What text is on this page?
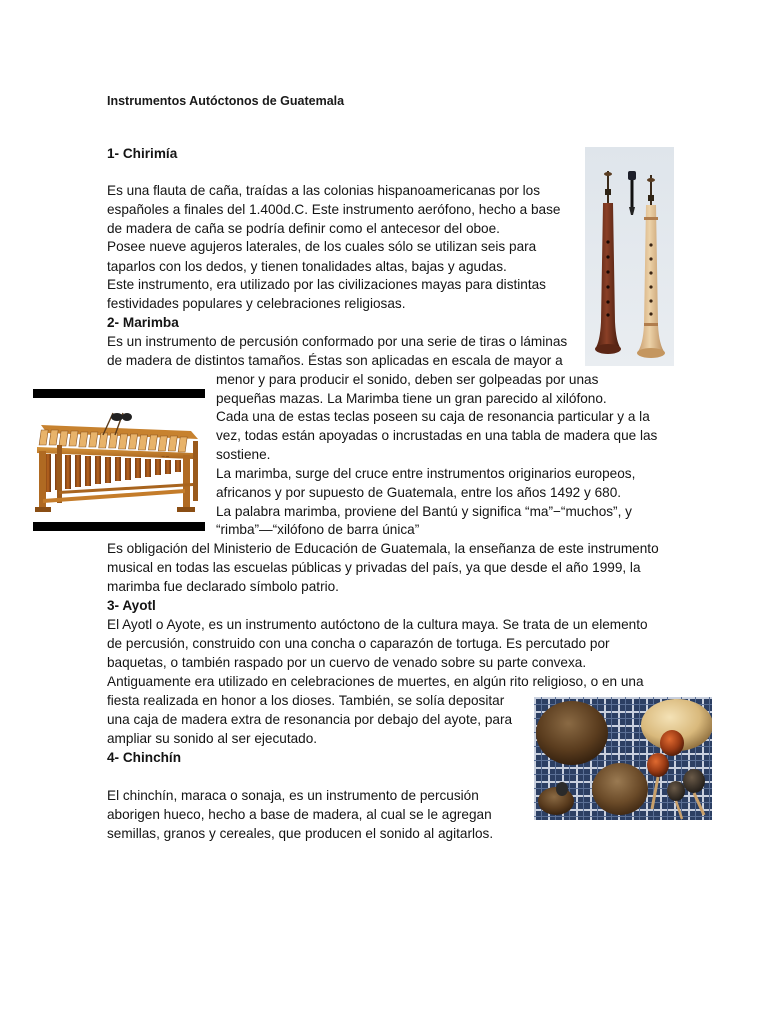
Instrumentos Autóctonos de Guatemala
1- Chirimía
Es una flauta de caña, traídas a las colonias hispanoamericanas por los
españoles a finales del 1.400d.C. Este instrumento aerófono, hecho a base
de madera de caña se podría definir como el antecesor del oboe.
Posee nueve agujeros laterales, de los cuales sólo se utilizan seis para
taparlos con los dedos, y tienen tonalidades altas, bajas y agudas.
Este instrumento, era utilizado por las civilizaciones mayas para distintas
festividades populares y celebraciones religiosas.
2- Marimba
Es un instrumento de percusión conformado por una serie de tiras o láminas
de madera de distintos tamaños. Éstas son aplicadas en escala de mayor a
menor y para producir el sonido, deben ser golpeadas por unas
pequeñas mazas. La Marimba tiene un gran parecido al xilófono.
Cada una de estas teclas poseen su caja de resonancia particular y a la
vez, todas están apoyadas o incrustadas en una tabla de madera que las
sostiene.
La marimba, surge del cruce entre instrumentos originarios europeos,
africanos y por supuesto de Guatemala, entre los años 1492 y 680.
La palabra marimba, proviene del Bantú y significa “ma”−“muchos”, y
“rimba”—“xilófono de barra única”
Es obligación del Ministerio de Educación de Guatemala, la enseñanza de este instrumento
musical en todas las escuelas públicas y privadas del país, ya que desde el año 1999, la
marimba fue declarado símbolo patrio.
3- Ayotl
El Ayotl o Ayote, es un instrumento autóctono de la cultura maya. Se trata de un elemento
de percusión, construido con una concha o caparazón de tortuga. Es percutado por
baquetas, o también raspado por un cuervo de venado sobre su parte convexa.
Antiguamente era utilizado en celebraciones de muertes, en algún rito religioso, o en una
fiesta realizada en honor a los dioses. También, se solía depositar
una caja de madera extra de resonancia por debajo del ayote, para
ampliar su sonido al ser ejecutado.
4- Chinchín
El chinchín, maraca o sonaja, es un instrumento de percusión
aborigen hueco, hecho a base de madera, al cual se le agregan
semillas, granos y cereales, que producen el sonido al agitarlos.
~~
